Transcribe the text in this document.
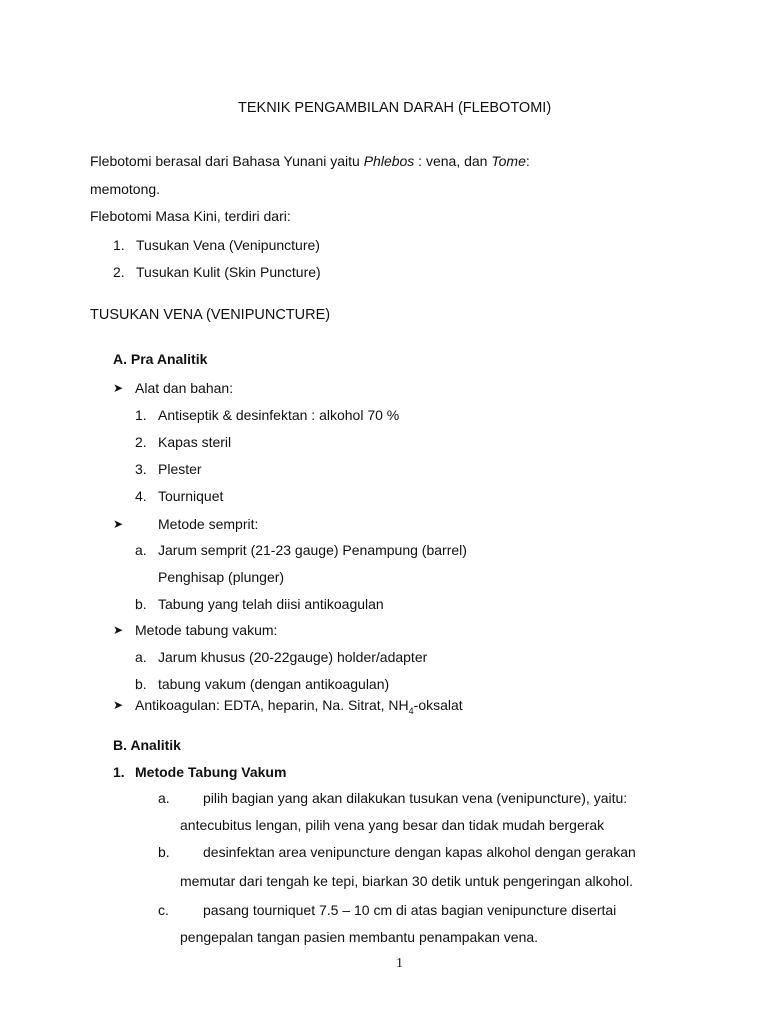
TEKNIK PENGAMBILAN DARAH (FLEBOTOMI)
Flebotomi berasal dari Bahasa Yunani yaitu Phlebos : vena, dan Tome:
memotong.
Flebotomi Masa Kini, terdiri dari:
1. Tusukan Vena (Venipuncture)
2. Tusukan Kulit (Skin Puncture)
TUSUKAN VENA (VENIPUNCTURE)
A. Pra Analitik
➤ Alat dan bahan:
1. Antiseptik & desinfektan : alkohol 70 %
2. Kapas steril
3. Plester
4. Tourniquet
➤ Metode semprit:
a. Jarum semprit (21-23 gauge) Penampung (barrel)
Penghisap (plunger)
b. Tabung yang telah diisi antikoagulan
➤ Metode tabung vakum:
a. Jarum khusus (20-22gauge) holder/adapter
b. tabung vakum (dengan antikoagulan)
➤ Antikoagulan: EDTA, heparin, Na. Sitrat, $NH_4$-oksalat
B. Analitik
1. Metode Tabung Vakum
a. pilih bagian yang akan dilakukan tusukan vena (venipuncture), yaitu:
antecubitus lengan, pilih vena yang besar dan tidak mudah bergerak
b. desinfektan area venipuncture dengan kapas alkohol dengan gerakan
memutar dari tengah ke tepi, biarkan 30 detik untuk pengeringan alkohol.
c. pasang tourniquet 7.5 – 10 cm di atas bagian venipuncture disertai
pengepalan tangan pasien membantu penampakan vena.
1
